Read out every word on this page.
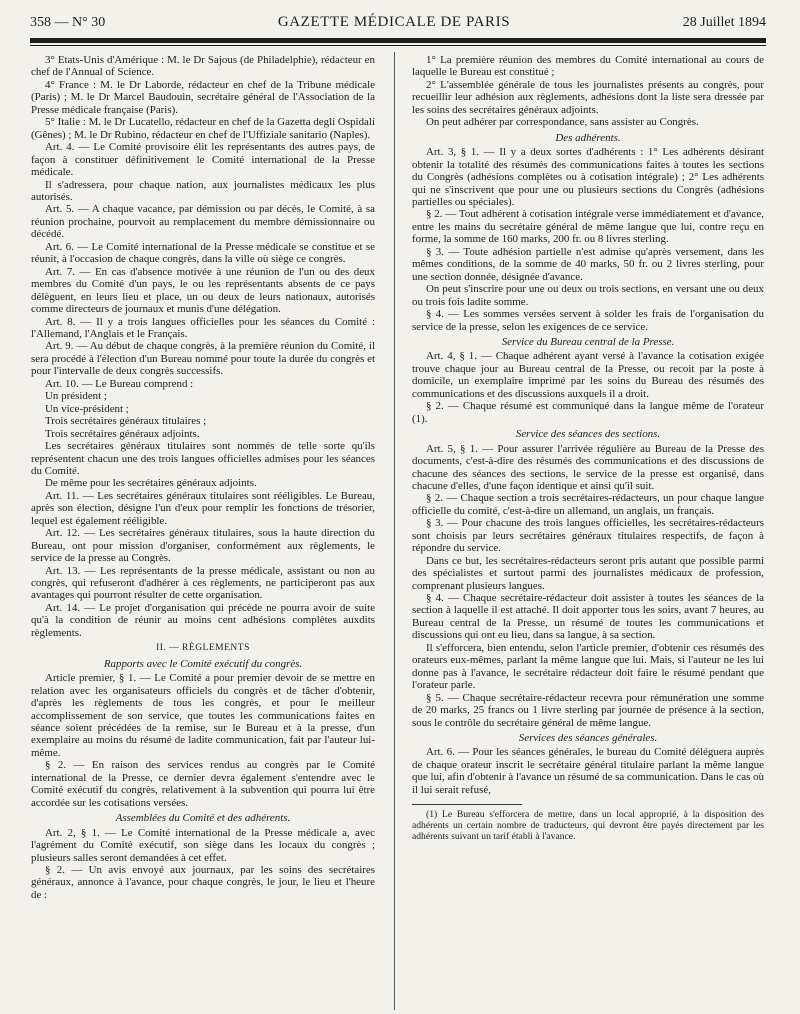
358 — N° 30	GAZETTE MÉDICALE DE PARIS	28 Juillet 1894

3° Etats-Unis d'Amérique : M. le Dr Sajous (de Philadelphie), rédacteur en chef de l'Annual of Science.

4° France : M. le Dr Laborde, rédacteur en chef de la Tribune médicale (Paris) ; M. le Dr Marcel Baudouin, secrétaire général de l'Association de la Presse médicale française (Paris).

5° Italie : M. le Dr Lucatello, rédacteur en chef de la Gazetta degli Ospidali (Gênes) ; M. le Dr Rubino, rédacteur en chef de l'Uffiziale sanitario (Naples).

Art. 4. — Le Comité provisoire élit les représentants des autres pays, de façon à constituer définitivement le Comité international de la Presse médicale.

Il s'adressera, pour chaque nation, aux journalistes médicaux les plus autorisés.

Art. 5. — A chaque vacance, par démission ou par décès, le Comité, à sa réunion prochaine, pourvoit au remplacement du membre démissionnaire ou décédé.

Art. 6. — Le Comité international de la Presse médicale se constitue et se réunit, à l'occasion de chaque congrès, dans la ville où siège ce congrès.

Art. 7. — En cas d'absence motivée à une réunion de l'un ou des deux membres du Comité d'un pays, le ou les représentants absents de ce pays délèguent, en leurs lieu et place, un ou deux de leurs nationaux, autorisés comme directeurs de journaux et munis d'une délégation.

Art. 8. — Il y a trois langues officielles pour les séances du Comité : l'Allemand, l'Anglais et le Français.

Art. 9. — Au début de chaque congrès, à la première réunion du Comité, il sera procédé à l'élection d'un Bureau nommé pour toute la durée du congrès et pour l'intervalle de deux congrès successifs.

Art. 10. — Le Bureau comprend :

Un président ;

Un vice-président ;

Trois secrétaires généraux titulaires ;

Trois secrétaires généraux adjoints.

Les secrétaires généraux titulaires sont nommés de telle sorte qu'ils représentent chacun une des trois langues officielles admises pour les séances du Comité.

De même pour les secrétaires généraux adjoints.

Art. 11. — Les secrétaires généraux titulaires sont rééligibles. Le Bureau, après son élection, désigne l'un d'eux pour remplir les fonctions de trésorier, lequel est également rééligible.

Art. 12. — Les secrétaires généraux titulaires, sous la haute direction du Bureau, ont pour mission d'organiser, conformément aux règlements, le service de la presse au Congrès.

Art. 13. — Les représentants de la presse médicale, assistant ou non au congrès, qui refuseront d'adhérer à ces règlements, ne participeront pas aux avantages qui pourront résulter de cette organisation.

Art. 14. — Le projet d'organisation qui précède ne pourra avoir de suite qu'à la condition de réunir au moins cent adhésions complètes auxdits règlements.

II. — RÈGLEMENTS

Rapports avec le Comité exécutif du congrès.

Article premier, § 1. — Le Comité a pour premier devoir de se mettre en relation avec les organisateurs officiels du congrès et de tâcher d'obtenir, d'après les règlements de tous les congrès, et pour le meilleur accomplissement de son service, que toutes les communications faites en séance soient précédées de la remise, sur le Bureau et à la presse, d'un exemplaire au moins du résumé de ladite communication, fait par l'auteur lui-même.

§ 2. — En raison des services rendus au congrès par le Comité international de la Presse, ce dernier devra également s'entendre avec le Comité exécutif du congrès, relativement à la subvention qui pourra lui être accordée sur les cotisations versées.

Assemblées du Comité et des adhérents.

Art. 2, § 1. — Le Comité international de la Presse médicale a, avec l'agrément du Comité exécutif, son siège dans les locaux du congrès ; plusieurs salles seront demandées à cet effet.

§ 2. — Un avis envoyé aux journaux, par les soins des secrétaires généraux, annonce à l'avance, pour chaque congrès, le jour, le lieu et l'heure de :

1° La première réunion des membres du Comité international au cours de laquelle le Bureau est constitué ;

2° L'assemblée générale de tous les journalistes présents au congrès, pour recueillir leur adhésion aux règlements, adhésions dont la liste sera dressée par les soins des secrétaires généraux adjoints.

On peut adhérer par correspondance, sans assister au Congrès.

Des adhérents.

Art. 3, § 1. — Il y a deux sortes d'adhérents : 1° Les adhérents désirant obtenir la totalité des résumés des communications faites à toutes les sections du Congrès (adhésions complètes ou à cotisation intégrale) ; 2° Les adhérents qui ne s'inscrivent que pour une ou plusieurs sections du Congrès (adhésions partielles ou spéciales).

§ 2. — Tout adhérent à cotisation intégrale verse immédiatement et d'avance, entre les mains du secrétaire général de même langue que lui, contre reçu en forme, la somme de 160 marks, 200 fr. ou 8 livres sterling.

§ 3. — Toute adhésion partielle n'est admise qu'après versement, dans les mêmes conditions, de la somme de 40 marks, 50 fr. ou 2 livres sterling, pour une section donnée, désignée d'avance.

On peut s'inscrire pour une ou deux ou trois sections, en versant une ou deux ou trois fois ladite somme.

§ 4. — Les sommes versées servent à solder les frais de l'organisation du service de la presse, selon les exigences de ce service.

Service du Bureau central de la Presse.

Art. 4, § 1. — Chaque adhérent ayant versé à l'avance la cotisation exigée trouve chaque jour au Bureau central de la Presse, ou recoit par la poste à domicile, un exemplaire imprimé par les soins du Bureau des résumés des communications et des discussions auxquels il a droit.

§ 2. — Chaque résumé est communiqué dans la langue même de l'orateur (1).

Service des séances des sections.

Art. 5, § 1. — Pour assurer l'arrivée régulière au Bureau de la Presse des documents, c'est-à-dire des résumés des communications et des discussions de chacune des séances des sections, le service de la presse est organisé, dans chacune d'elles, d'une façon identique et ainsi qu'il suit.

§ 2. — Chaque section a trois secrétaires-rédacteurs, un pour chaque langue officielle du comité, c'est-à-dire un allemand, un anglais, un français.

§ 3. — Pour chacune des trois langues officielles, les secrétaires-rédacteurs sont choisis par leurs secrétaires généraux titulaires respectifs, de façon à répondre du service.

Dans ce but, les secrétaires-rédacteurs seront pris autant que possible parmi des spécialistes et surtout parmi des journalistes médicaux de profession, comprenant plusieurs langues.

§ 4. — Chaque secrétaire-rédacteur doit assister à toutes les séances de la section à laquelle il est attaché. Il doit apporter tous les soirs, avant 7 heures, au Bureau central de la Presse, un résumé de toutes les communications et discussions qui ont eu lieu, dans sa langue, à sa section.

Il s'efforcera, bien entendu, selon l'article premier, d'obtenir ces résumés des orateurs eux-mêmes, parlant la même langue que lui. Mais, si l'auteur ne les lui donne pas à l'avance, le secrétaire rédacteur doit faire le résumé pendant que l'orateur parle.

§ 5. — Chaque secrétaire-rédacteur recevra pour rémunération une somme de 20 marks, 25 francs ou 1 livre sterling par journée de présence à la section, sous le contrôle du secrétaire général de même langue.

Services des séances générales.

Art. 6. — Pour les séances générales, le bureau du Comité déléguera auprès de chaque orateur inscrit le secrétaire général titulaire parlant la même langue que lui, afin d'obtenir à l'avance un résumé de sa communication. Dans le cas où il lui serait refusé,

(1) Le Bureau s'efforcera de mettre, dans un local approprié, à la disposition des adhérents un certain nombre de traducteurs, qui devront être payés directement par les adhérents suivant un tarif établi à l'avance.
